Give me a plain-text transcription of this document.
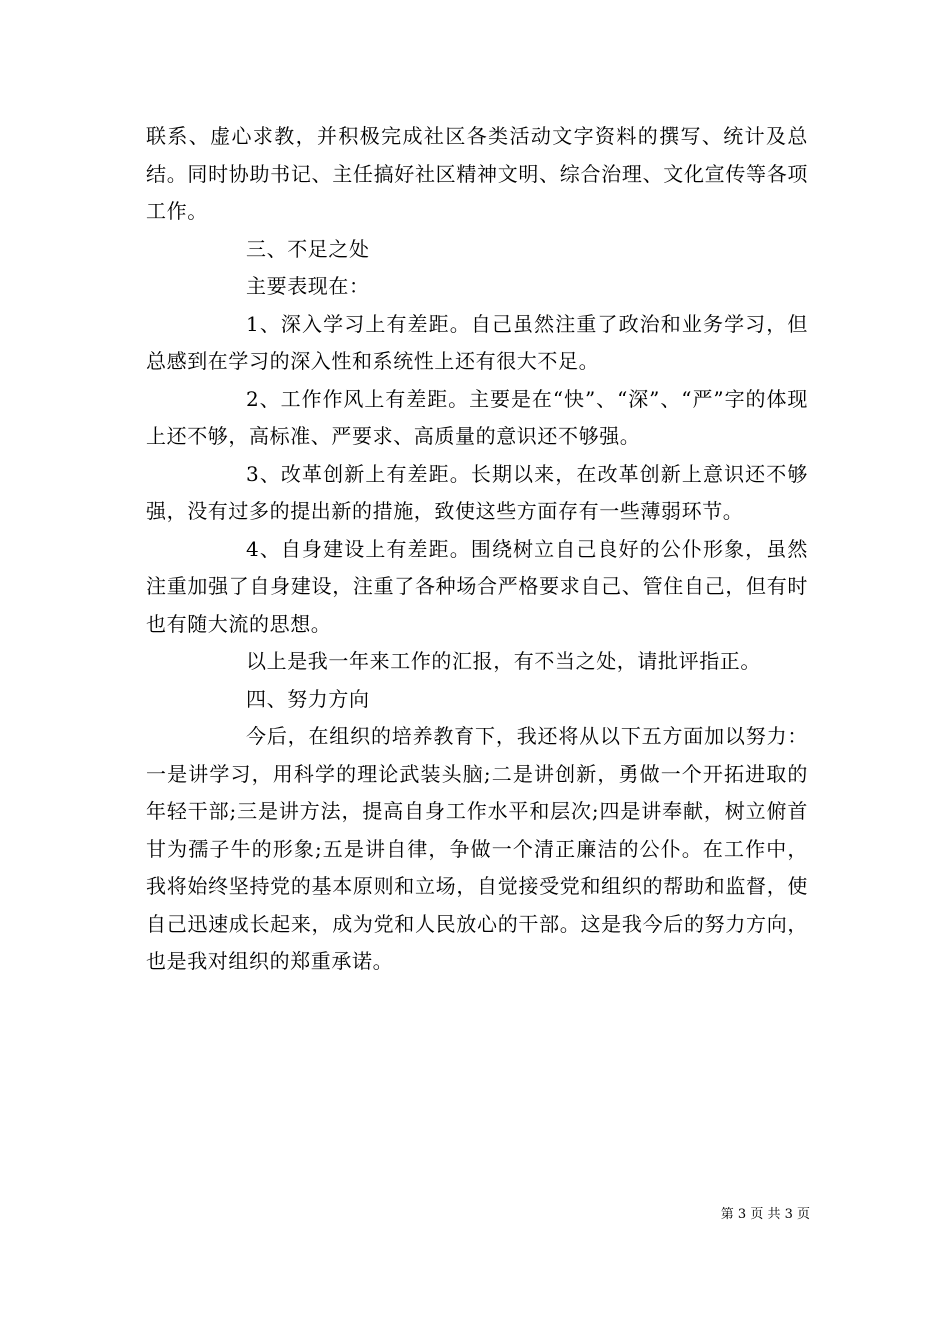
联系、虚心求教，并积极完成社区各类活动文字资料的撰写、统计及总结。同时协助书记、主任搞好社区精神文明、综合治理、文化宣传等各项工作。

三、不足之处

主要表现在：

1、深入学习上有差距。自己虽然注重了政治和业务学习，但总感到在学习的深入性和系统性上还有很大不足。

2、工作作风上有差距。主要是在“快”、“深”、“严”字的体现上还不够，高标准、严要求、高质量的意识还不够强。

3、改革创新上有差距。长期以来，在改革创新上意识还不够强，没有过多的提出新的措施，致使这些方面存有一些薄弱环节。

4、自身建设上有差距。围绕树立自己良好的公仆形象，虽然注重加强了自身建设，注重了各种场合严格要求自己、管住自己，但有时也有随大流的思想。

以上是我一年来工作的汇报，有不当之处，请批评指正。

四、努力方向

今后，在组织的培养教育下，我还将从以下五方面加以努力：一是讲学习，用科学的理论武装头脑;二是讲创新，勇做一个开拓进取的年轻干部;三是讲方法，提高自身工作水平和层次;四是讲奉献，树立俯首甘为孺子牛的形象;五是讲自律，争做一个清正廉洁的公仆。在工作中，我将始终坚持党的基本原则和立场，自觉接受党和组织的帮助和监督，使自己迅速成长起来，成为党和人民放心的干部。这是我今后的努力方向，也是我对组织的郑重承诺。

第 3 页 共 3 页
